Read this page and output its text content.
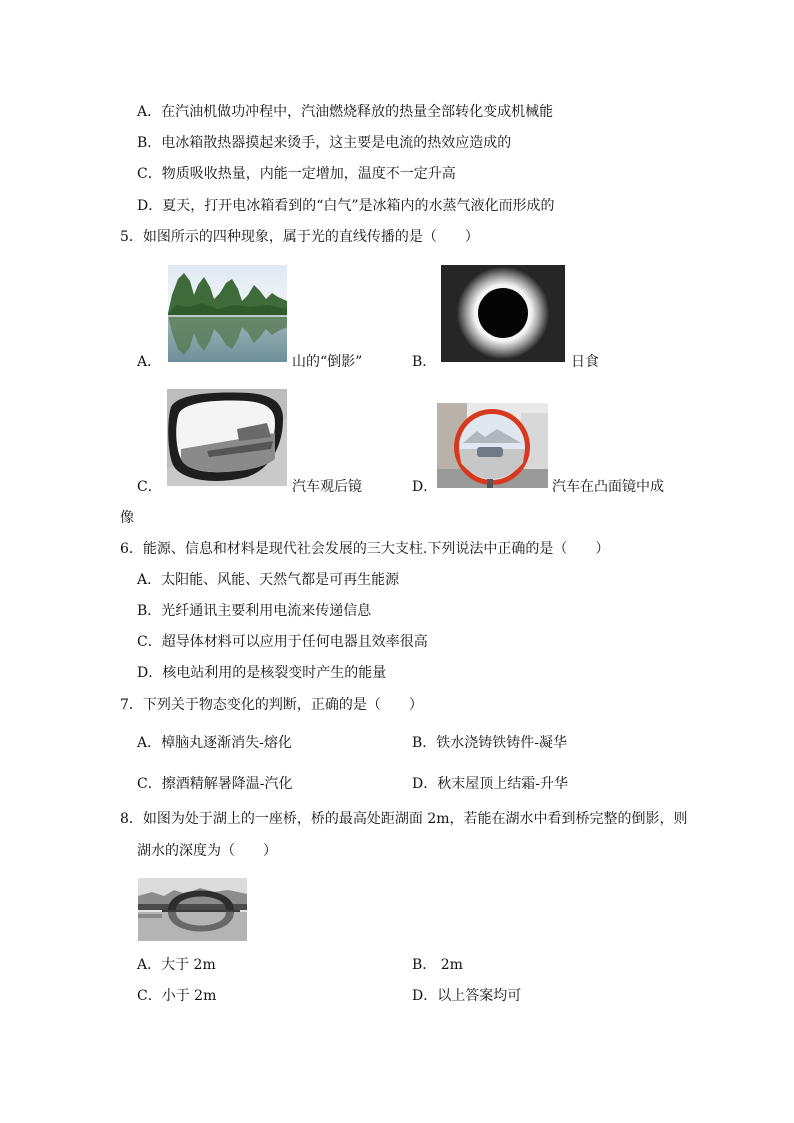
A．在汽油机做功冲程中，汽油燃烧释放的热量全部转化变成机械能
B．电冰箱散热器摸起来烫手，这主要是电流的热效应造成的
C．物质吸收热量，内能一定增加，温度不一定升高
D．夏天，打开电冰箱看到的“白气”是冰箱内的水蒸气液化而形成的
5．如图所示的四种现象，属于光的直线传播的是（　　）
A．	山的“倒影”	B．	日食
C．	汽车观后镜	D．	汽车在凸面镜中成
像
6．能源、信息和材料是现代社会发展的三大支柱.下列说法中正确的是（　　）
A．太阳能、风能、天然气都是可再生能源
B．光纤通讯主要利用电流来传递信息
C．超导体材料可以应用于任何电器且效率很高
D．核电站利用的是核裂变时产生的能量
7．下列关于物态变化的判断，正确的是（　　）
A．樟脑丸逐渐消失-熔化	B．铁水浇铸铁铸件-凝华
C．擦酒精解暑降温-汽化	D．秋末屋顶上结霜-升华
8．如图为处于湖上的一座桥，桥的最高处距湖面 2m，若能在湖水中看到桥完整的倒影，则
湖水的深度为（　　）
A．大于 2m	B． 2m
C．小于 2m	D．以上答案均可
